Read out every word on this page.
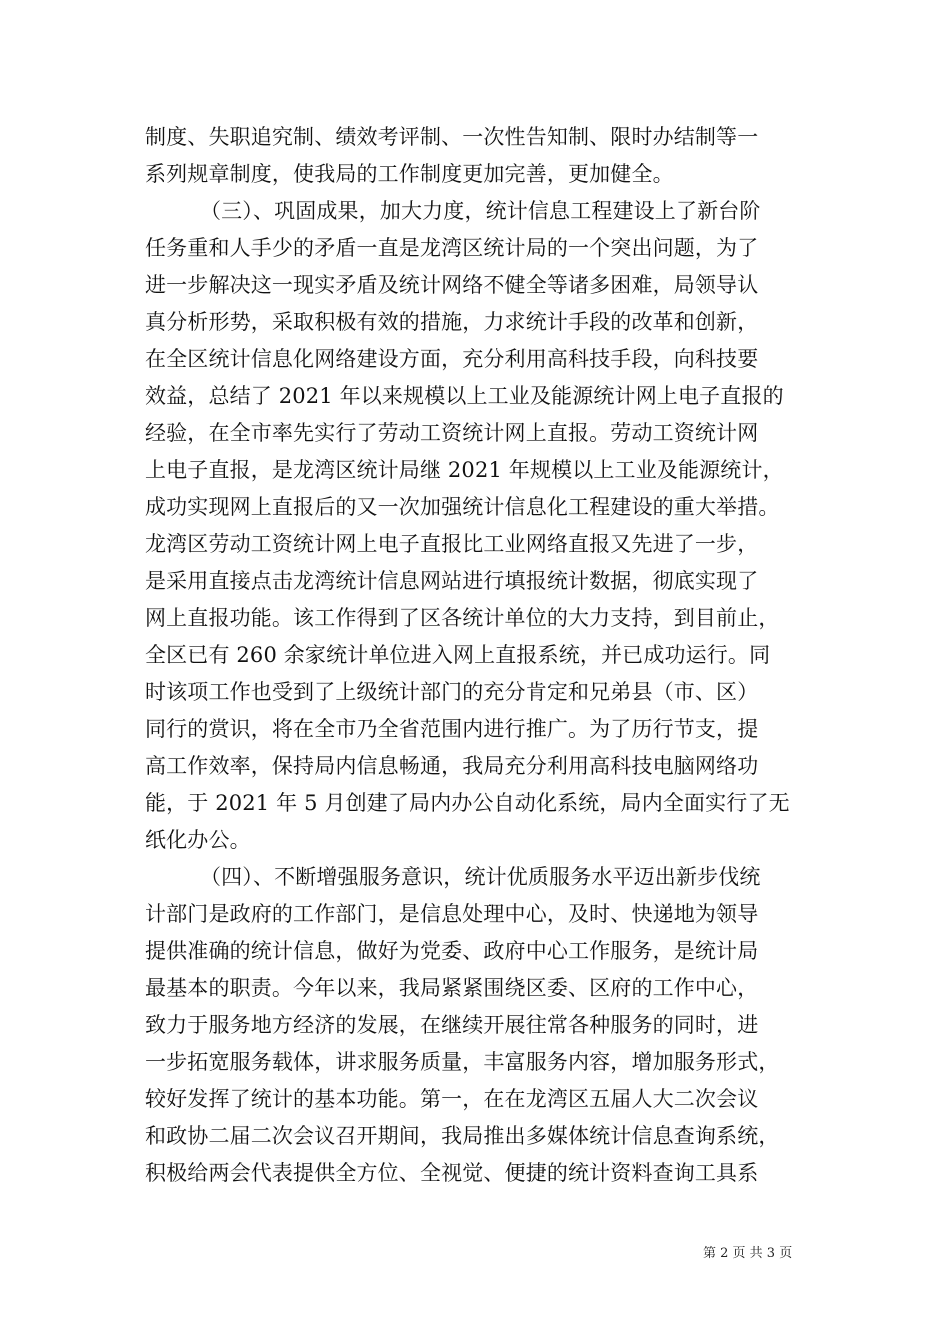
制度、失职追究制、绩效考评制、一次性告知制、限时办结制等一
系列规章制度，使我局的工作制度更加完善，更加健全。
（三）、巩固成果，加大力度，统计信息工程建设上了新台阶
任务重和人手少的矛盾一直是龙湾区统计局的一个突出问题，为了
进一步解决这一现实矛盾及统计网络不健全等诸多困难，局领导认
真分析形势，采取积极有效的措施，力求统计手段的改革和创新，
在全区统计信息化网络建设方面，充分利用高科技手段，向科技要
效益，总结了 2021 年以来规模以上工业及能源统计网上电子直报的
经验，在全市率先实行了劳动工资统计网上直报。劳动工资统计网
上电子直报，是龙湾区统计局继 2021 年规模以上工业及能源统计，
成功实现网上直报后的又一次加强统计信息化工程建设的重大举措。
龙湾区劳动工资统计网上电子直报比工业网络直报又先进了一步，
是采用直接点击龙湾统计信息网站进行填报统计数据，彻底实现了
网上直报功能。该工作得到了区各统计单位的大力支持，到目前止，
全区已有 260 余家统计单位进入网上直报系统，并已成功运行。同
时该项工作也受到了上级统计部门的充分肯定和兄弟县（市、区）
同行的赏识，将在全市乃全省范围内进行推广。为了历行节支，提
高工作效率，保持局内信息畅通，我局充分利用高科技电脑网络功
能，于 2021 年 5 月创建了局内办公自动化系统，局内全面实行了无
纸化办公。
（四）、不断增强服务意识，统计优质服务水平迈出新步伐统
计部门是政府的工作部门，是信息处理中心，及时、快递地为领导
提供准确的统计信息，做好为党委、政府中心工作服务，是统计局
最基本的职责。今年以来，我局紧紧围绕区委、区府的工作中心，
致力于服务地方经济的发展，在继续开展往常各种服务的同时，进
一步拓宽服务载体，讲求服务质量，丰富服务内容，增加服务形式，
较好发挥了统计的基本功能。第一，在在龙湾区五届人大二次会议
和政协二届二次会议召开期间，我局推出多媒体统计信息查询系统，
积极给两会代表提供全方位、全视觉、便捷的统计资料查询工具系
第 2 页 共 3 页
